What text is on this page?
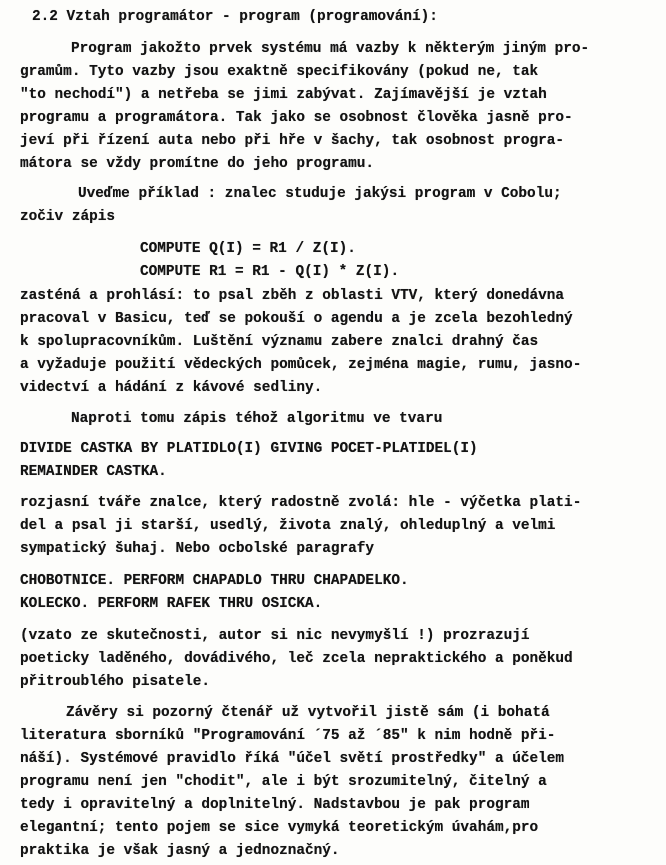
2.2 Vztah programátor - program (programování):
Program jakožto prvek systému má vazby k některým jiným pro-
gramům. Tyto vazby jsou exaktně specifikovány (pokud ne, tak
"to nechodí") a netřeba se jimi zabývat. Zajímavější je vztah
programu a programátora. Tak jako se osobnost člověka jasně pro-
jeví při řízení auta nebo při hře v šachy, tak osobnost progra-
mátora se vždy promítne do jeho programu.
Uveďme příklad : znalec studuje jakýsi program v Cobolu;
zočiv zápis
COMPUTE Q(I) = R1 / Z(I).
COMPUTE R1 = R1 - Q(I) * Z(I).
zasténá a prohlásí: to psal zběh z oblasti VTV, který donedávna
pracoval v Basicu, teď se pokouší o agendu a je zcela bezohledný
k spolupracovníkům. Luštění významu zabere znalci drahný čas
a vyžaduje použití vědeckých pomůcek, zejména magie, rumu, jasno-
videctví a hádání z kávové sedliny.
Naproti tomu zápis téhož algoritmu ve tvaru
DIVIDE CASTKA BY PLATIDLO(I) GIVING POCET-PLATIDEL(I)
REMAINDER CASTKA.
rozjasní tváře znalce, který radostně zvolá: hle - výčetka plati-
del a psal ji starší, usedlý, života znalý, ohleduplný a velmi
sympatický šuhaj. Nebo ocbolské paragrafy
CHOBOTNICE. PERFORM CHAPADLO THRU CHAPADELKO.
KOLECKO. PERFORM RAFEK THRU OSICKA.
(vzato ze skutečnosti, autor si nic nevymyšlí !) prozrazují
poeticky laděného, dovádivého, leč zcela nepraktického a poněkud
přitroublého pisatele.
Závěry si pozorný čtenář už vytvořil jistě sám (i bohatá
literatura sborníků "Programování ´75 až ´85" k nim hodně při-
náší). Systémové pravidlo říká "účel světí prostředky" a účelem
programu není jen "chodit", ale i být srozumitelný, čitelný a
tedy i opravitelný a doplnitelný. Nadstavbou je pak program
elegantní; tento pojem se sice vymyká teoretickým úvahám,pro
praktika je však jasný a jednoznačný.
